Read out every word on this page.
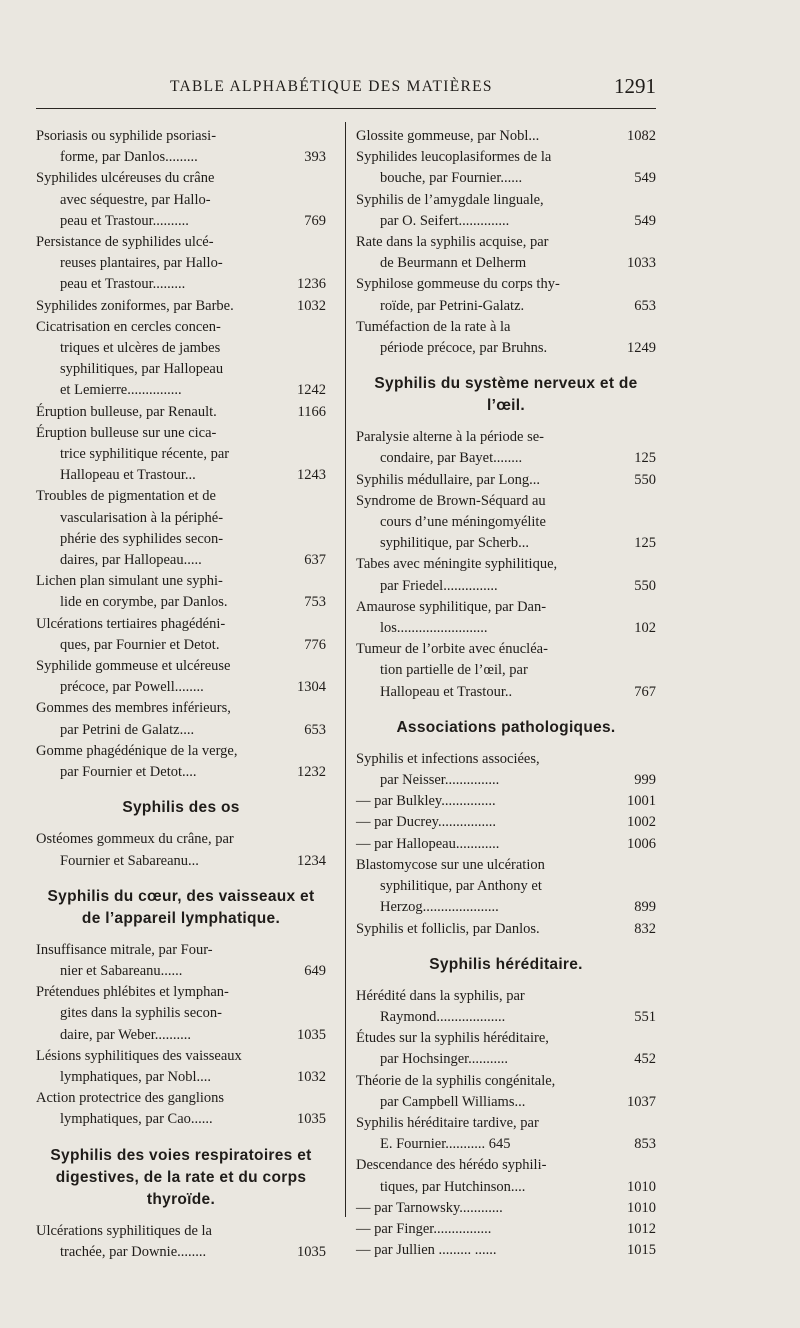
TABLE ALPHABÉTIQUE DES MATIÈRES	1291
Psoriasis ou syphilide psoriasi-
forme, par Danlos.........	393
Syphilides ulcéreuses du crâne
avec séquestre, par Hallo-
peau et Trastour..........	769
Persistance de syphilides ulcé-
reuses plantaires, par Hallo-
peau et Trastour.........	1236
Syphilides zoniformes, par Barbe.	1032
Cicatrisation en cercles concen-
triques et ulcères de jambes
syphilitiques, par Hallopeau
et Lemierre...............	1242
Éruption bulleuse, par Renault.	1166
Éruption bulleuse sur une cica-
trice syphilitique récente, par
Hallopeau et Trastour...	1243
Troubles de pigmentation et de
vascularisation à la périphé-
phérie des syphilides secon-
daires, par Hallopeau.....	637
Lichen plan simulant une syphi-
lide en corymbe, par Danlos.	753
Ulcérations tertiaires phagédéni-
ques, par Fournier et Detot.	776
Syphilide gommeuse et ulcéreuse
précoce, par Powell........	1304
Gommes des membres inférieurs,
par Petrini de Galatz....	653
Gomme phagédénique de la verge,
par Fournier et Detot....	1232
Syphilis des os
Ostéomes gommeux du crâne, par
Fournier et Sabareanu...	1234
Syphilis du cœur, des vaisseaux et de l’appareil lymphatique.
Insuffisance mitrale, par Four-
nier et Sabareanu......	649
Prétendues phlébites et lymphan-
gites dans la syphilis secon-
daire, par Weber..........	1035
Lésions syphilitiques des vaisseaux
lymphatiques, par Nobl....	1032
Action protectrice des ganglions
lymphatiques, par Cao......	1035
Syphilis des voies respiratoires et digestives, de la rate et du corps thyroïde.
Ulcérations syphilitiques de la
trachée, par Downie........	1035
Glossite gommeuse, par Nobl...	1082
Syphilides leucoplasiformes de la
bouche, par Fournier......	549
Syphilis de l’amygdale linguale,
par O. Seifert..............	549
Rate dans la syphilis acquise, par
de Beurmann et Delherm	1033
Syphilose gommeuse du corps thy-
roïde, par Petrini-Galatz.	653
Tuméfaction de la rate à la
période précoce, par Bruhns.	1249
Syphilis du système nerveux et de l’œil.
Paralysie alterne à la période se-
condaire, par Bayet........	125
Syphilis médullaire, par Long...	550
Syndrome de Brown-Séquard au
cours d’une méningomyélite
syphilitique, par Scherb...	125
Tabes avec méningite syphilitique,
par Friedel...............	550
Amaurose syphilitique, par Dan-
los.........................	102
Tumeur de l’orbite avec énucléa-
tion partielle de l’œil, par
Hallopeau et Trastour..	767
Associations pathologiques.
Syphilis et infections associées,
par Neisser...............	999
— par Bulkley...............	1001
— par Ducrey................	1002
— par Hallopeau............	1006
Blastomycose sur une ulcération
syphilitique, par Anthony et
Herzog.....................	899
Syphilis et folliclis, par Danlos.	832
Syphilis héréditaire.
Hérédité dans la syphilis, par
Raymond...................	551
Études sur la syphilis héréditaire,
par Hochsinger...........	452
Théorie de la syphilis congénitale,
par Campbell Williams...	1037
Syphilis héréditaire tardive, par
E. Fournier........... 645	853
Descendance des hérédo syphili-
tiques, par Hutchinson....	1010
— par Tarnowsky............	1010
— par Finger................	1012
— par Jullien ......... ......	1015
